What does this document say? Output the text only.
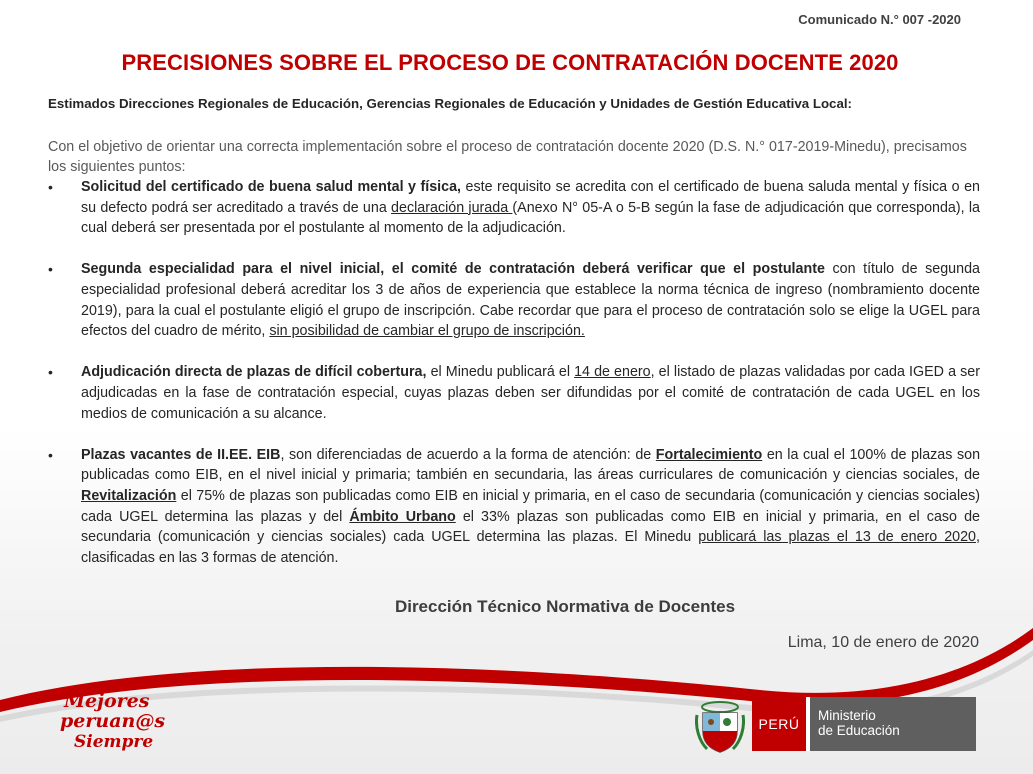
Comunicado N.° 007 -2020
PRECISIONES SOBRE EL PROCESO DE CONTRATACIÓN DOCENTE 2020
Estimados Direcciones Regionales de Educación, Gerencias Regionales de Educación y Unidades de Gestión Educativa Local:
Con el objetivo de orientar una correcta implementación sobre el proceso de contratación docente 2020 (D.S. N.° 017-2019-Minedu), precisamos los siguientes puntos:
• Solicitud del certificado de buena salud mental y física, este requisito se acredita con el certificado de buena saluda mental y física o en su defecto podrá ser acreditado a través de una declaración jurada (Anexo N° 05-A o 5-B según la fase de adjudicación que corresponda), la cual deberá ser presentada por el postulante al momento de la adjudicación.
• Segunda especialidad para el nivel inicial, el comité de contratación deberá verificar que el postulante con título de segunda especialidad profesional deberá acreditar los 3 de años de experiencia que establece la norma técnica de ingreso (nombramiento docente 2019), para la cual el postulante eligió el grupo de inscripción. Cabe recordar que para el proceso de contratación solo se elige la UGEL para efectos del cuadro de mérito, sin posibilidad de cambiar el grupo de inscripción.
• Adjudicación directa de plazas de difícil cobertura, el Minedu publicará el 14 de enero, el listado de plazas validadas por cada IGED a ser adjudicadas en la fase de contratación especial, cuyas plazas deben ser difundidas por el comité de contratación de cada UGEL en los medios de comunicación a su alcance.
• Plazas vacantes de II.EE. EIB, son diferenciadas de acuerdo a la forma de atención: de Fortalecimiento en la cual el 100% de plazas son publicadas como EIB, en el nivel inicial y primaria; también en secundaria, las áreas curriculares de comunicación y ciencias sociales, de Revitalización el 75% de plazas son publicadas como EIB en inicial y primaria, en el caso de secundaria (comunicación y ciencias sociales) cada UGEL determina las plazas y del Ámbito Urbano el 33% plazas son publicadas como EIB en inicial y primaria, en el caso de secundaria (comunicación y ciencias sociales) cada UGEL determina las plazas. El Minedu publicará las plazas el 13 de enero 2020, clasificadas en las 3 formas de atención.
Dirección Técnico Normativa de Docentes
Lima, 10 de enero de 2020
Mejores
peruan@s
Siempre
PERÚ
Ministerio
de Educación
